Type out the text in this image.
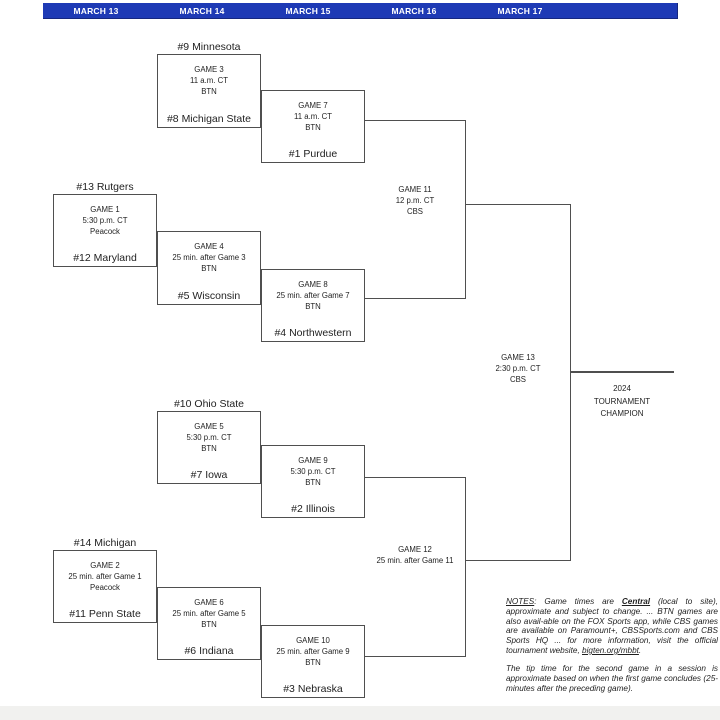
MARCH 13	MARCH 14	MARCH 15	MARCH 16	MARCH 17
#13 Rutgers
GAME 1
5:30 p.m. CT
Peacock
#12 Maryland
#14 Michigan
GAME 2
25 min. after Game 1
Peacock
#11 Penn State
#9 Minnesota
GAME 3
11 a.m. CT
BTN
#8 Michigan State
GAME 4
25 min. after Game 3
BTN
#5 Wisconsin
#10 Ohio State
GAME 5
5:30 p.m. CT
BTN
#7 Iowa
GAME 6
25 min. after Game 5
BTN
#6 Indiana
GAME 7
11 a.m. CT
BTN
#1 Purdue
GAME 8
25 min. after Game 7
BTN
#4 Northwestern
GAME 9
5:30 p.m. CT
BTN
#2 Illinois
GAME 10
25 min. after Game 9
BTN
#3 Nebraska
GAME 11
12 p.m. CT
CBS
GAME 12
25 min. after Game 11
GAME 13
2:30 p.m. CT
CBS
2024
TOURNAMENT
CHAMPION
NOTES: Game times are Central (local to site), approximate and subject to change. ... BTN games are also avail-able on the FOX Sports app, while CBS games are available on Paramount+, CBSSports.com and CBS Sports HQ ... for more information, visit the official tournament website, bigten.org/mbbt.
The tip time for the second game in a session is approximate based on when the first game concludes (25-minutes after the preceding game).
